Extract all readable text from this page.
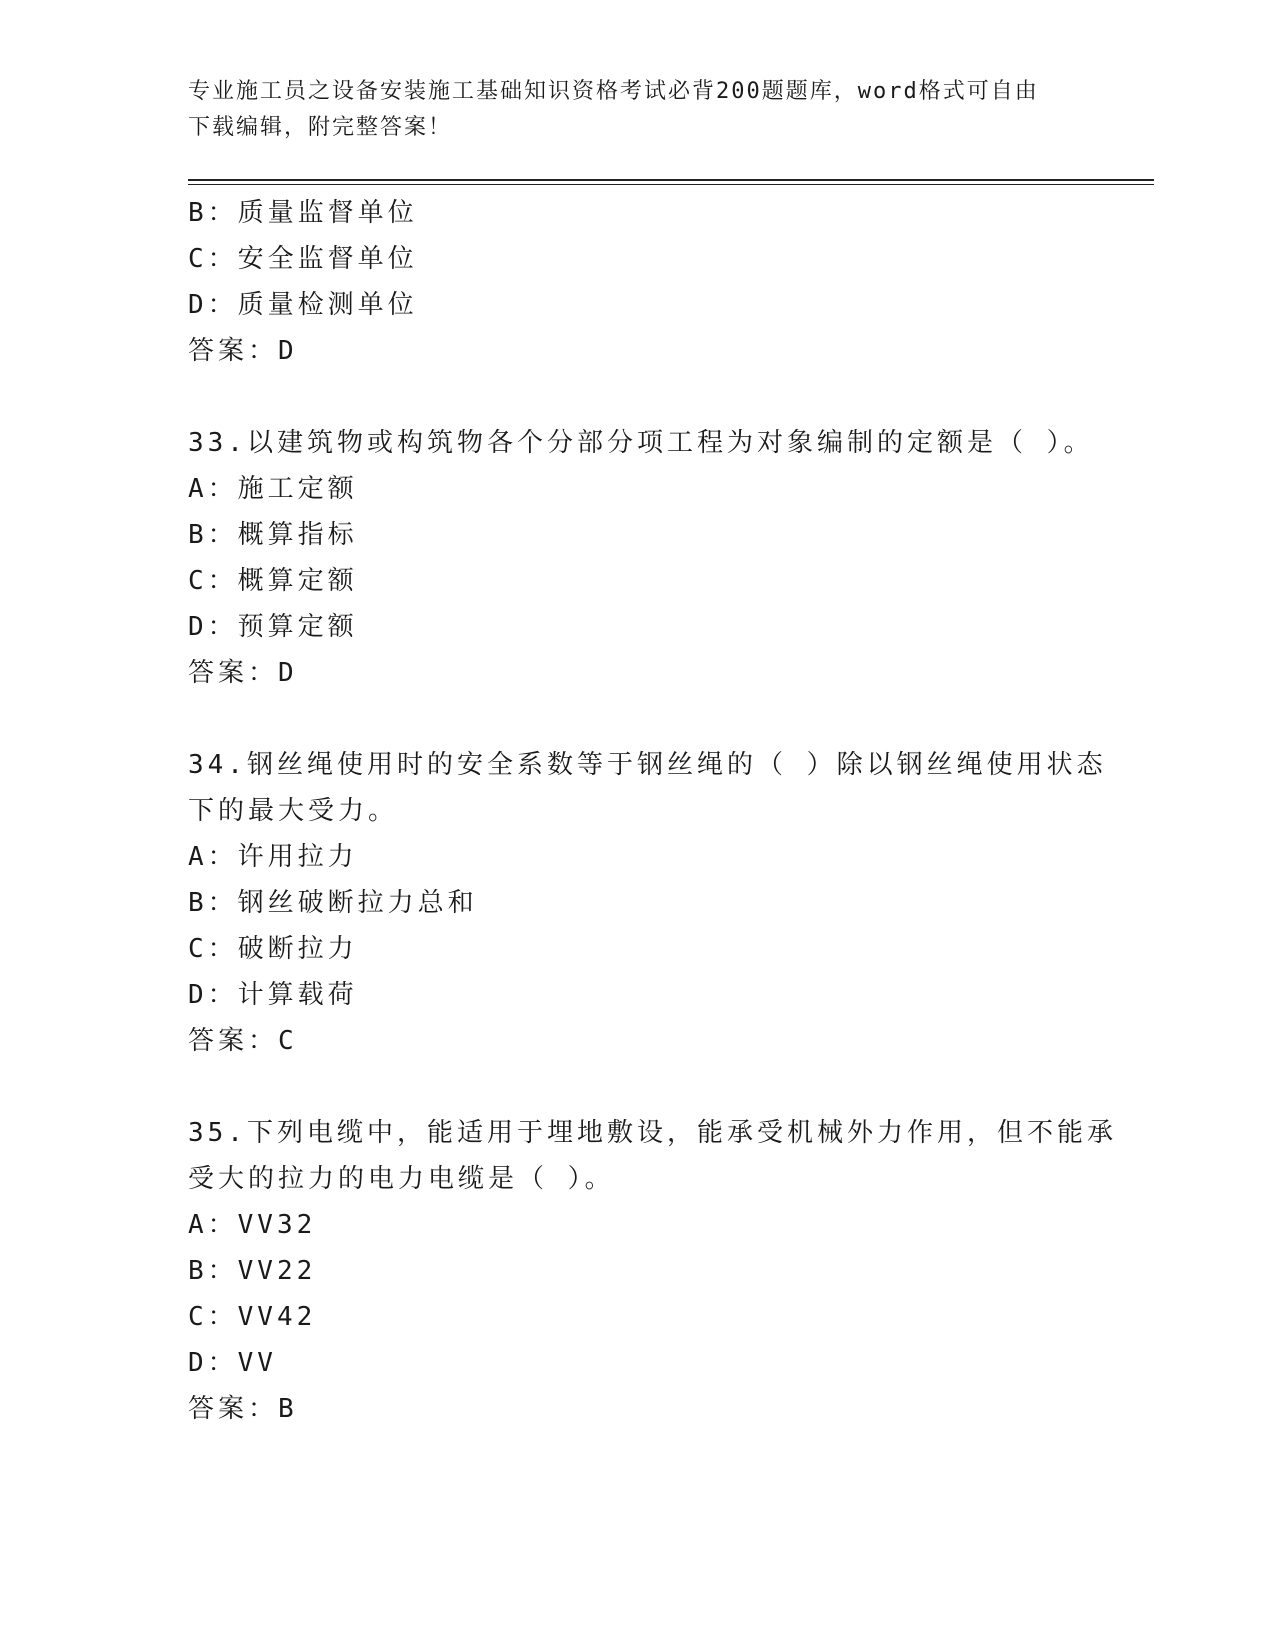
专业施工员之设备安装施工基础知识资格考试必背200题题库，word格式可自由
下载编辑，附完整答案！
B：质量监督单位
C：安全监督单位
D：质量检测单位
答案：D
33.以建筑物或构筑物各个分部分项工程为对象编制的定额是（ ）。
A：施工定额
B：概算指标
C：概算定额
D：预算定额
答案：D
34.钢丝绳使用时的安全系数等于钢丝绳的（ ）除以钢丝绳使用状态
下的最大受力。
A：许用拉力
B：钢丝破断拉力总和
C：破断拉力
D：计算载荷
答案：C
35.下列电缆中，能适用于埋地敷设，能承受机械外力作用，但不能承
受大的拉力的电力电缆是（ ）。
A：VV32
B：VV22
C：VV42
D：VV
答案：B
